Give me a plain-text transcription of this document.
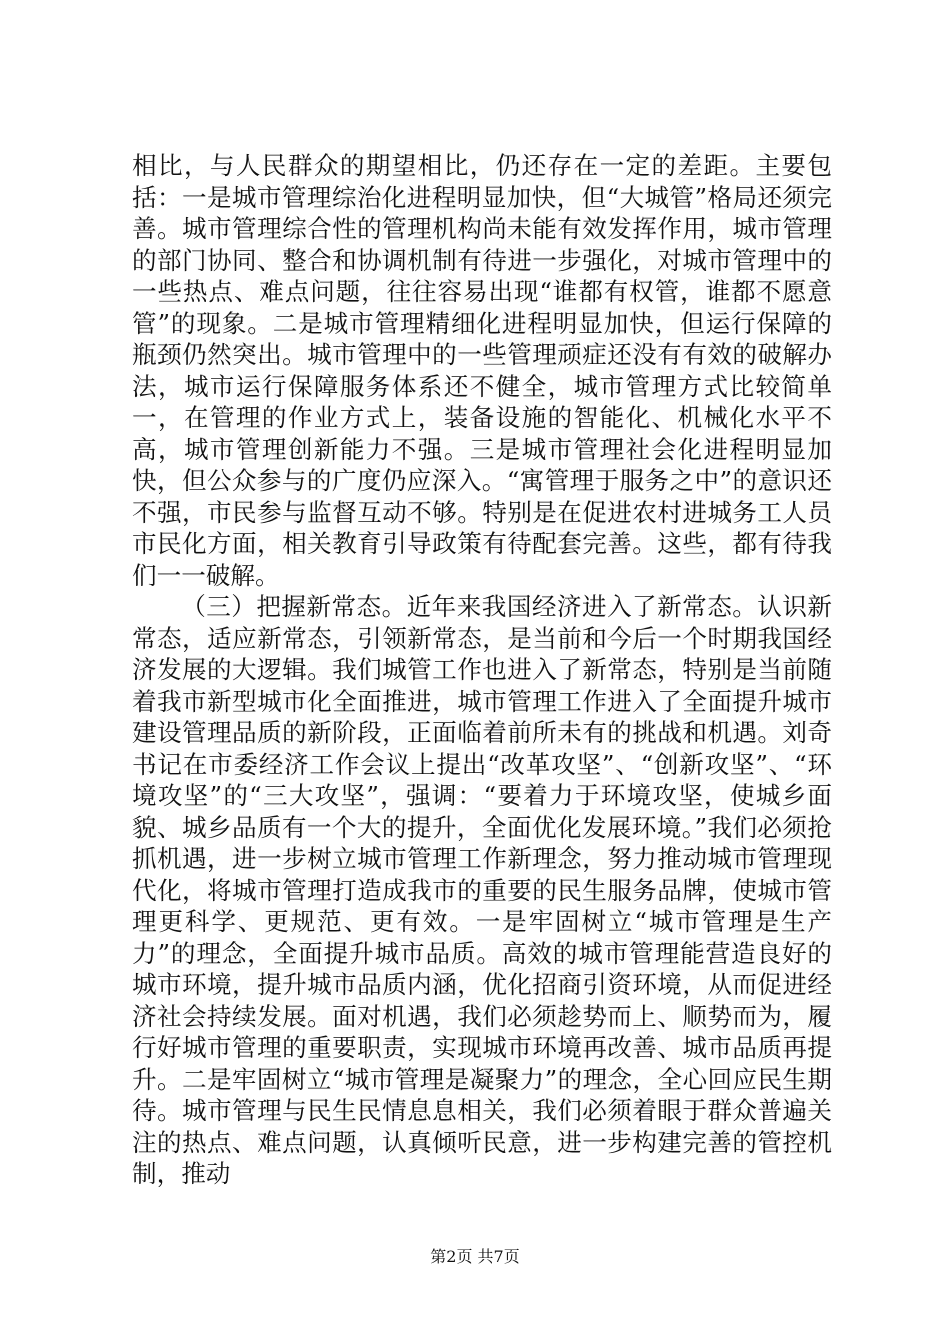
相比，与人民群众的期望相比，仍还存在一定的差距。主要包括：一是城市管理综治化进程明显加快，但“大城管”格局还须完善。城市管理综合性的管理机构尚未能有效发挥作用，城市管理的部门协同、整合和协调机制有待进一步强化，对城市管理中的一些热点、难点问题，往往容易出现“谁都有权管，谁都不愿意管”的现象。二是城市管理精细化进程明显加快，但运行保障的瓶颈仍然突出。城市管理中的一些管理顽症还没有有效的破解办法，城市运行保障服务体系还不健全，城市管理方式比较简单一，在管理的作业方式上，装备设施的智能化、机械化水平不高，城市管理创新能力不强。三是城市管理社会化进程明显加快，但公众参与的广度仍应深入。“寓管理于服务之中”的意识还不强，市民参与监督互动不够。特别是在促进农村进城务工人员市民化方面，相关教育引导政策有待配套完善。这些，都有待我们一一破解。

（三）把握新常态。近年来我国经济进入了新常态。认识新常态，适应新常态，引领新常态，是当前和今后一个时期我国经济发展的大逻辑。我们城管工作也进入了新常态，特别是当前随着我市新型城市化全面推进，城市管理工作进入了全面提升城市建设管理品质的新阶段，正面临着前所未有的挑战和机遇。刘奇书记在市委经济工作会议上提出“改革攻坚”、“创新攻坚”、“环境攻坚”的“三大攻坚”，强调：“要着力于环境攻坚，使城乡面貌、城乡品质有一个大的提升，全面优化发展环境。”我们必须抢抓机遇，进一步树立城市管理工作新理念，努力推动城市管理现代化，将城市管理打造成我市的重要的民生服务品牌，使城市管理更科学、更规范、更有效。一是牢固树立“城市管理是生产力”的理念，全面提升城市品质。高效的城市管理能营造良好的城市环境，提升城市品质内涵，优化招商引资环境，从而促进经济社会持续发展。面对机遇，我们必须趁势而上、顺势而为，履行好城市管理的重要职责，实现城市环境再改善、城市品质再提升。二是牢固树立“城市管理是凝聚力”的理念，全心回应民生期待。城市管理与民生民情息息相关，我们必须着眼于群众普遍关注的热点、难点问题，认真倾听民意，进一步构建完善的管控机制，推动

第2页 共7页
